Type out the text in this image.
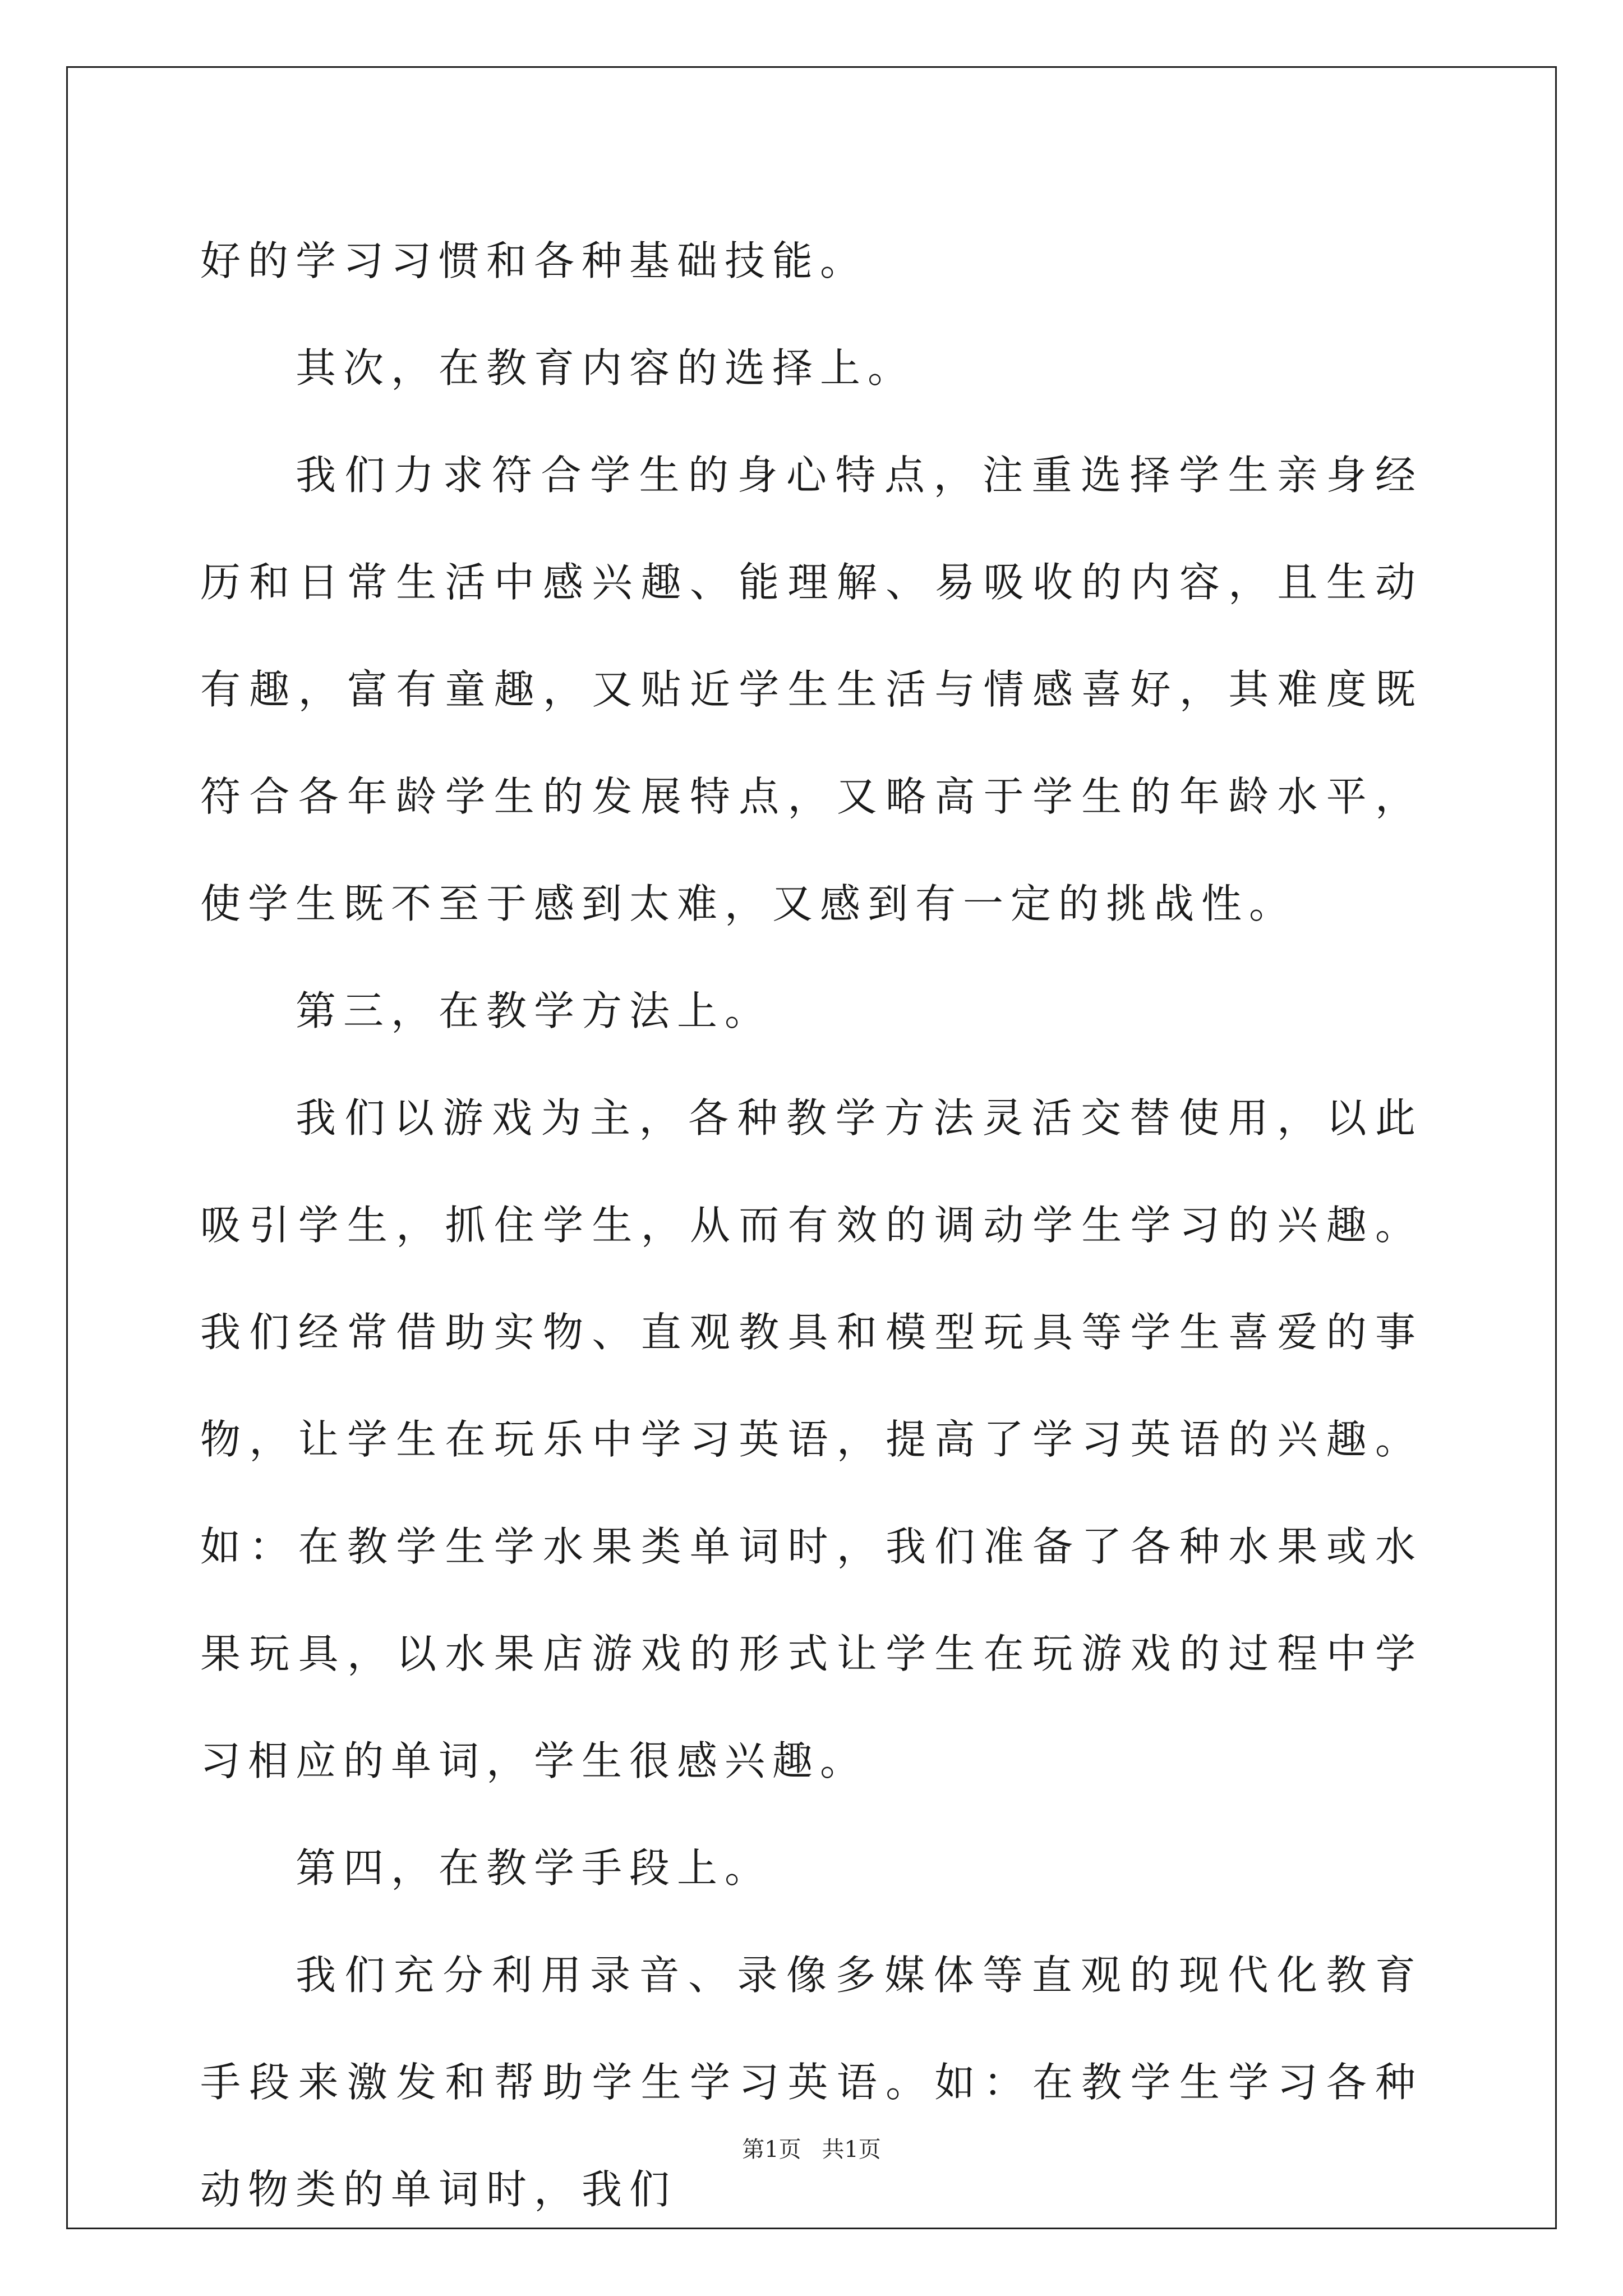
好的学习习惯和各种基础技能。

其次，在教育内容的选择上。

我们力求符合学生的身心特点，注重选择学生亲身经历和日常生活中感兴趣、能理解、易吸收的内容，且生动有趣，富有童趣，又贴近学生生活与情感喜好，其难度既符合各年龄学生的发展特点，又略高于学生的年龄水平，使学生既不至于感到太难，又感到有一定的挑战性。

第三，在教学方法上。

我们以游戏为主，各种教学方法灵活交替使用，以此吸引学生，抓住学生，从而有效的调动学生学习的兴趣。我们经常借助实物、直观教具和模型玩具等学生喜爱的事物，让学生在玩乐中学习英语，提高了学习英语的兴趣。如：在教学生学水果类单词时，我们准备了各种水果或水果玩具，以水果店游戏的形式让学生在玩游戏的过程中学习相应的单词，学生很感兴趣。

第四，在教学手段上。

我们充分利用录音、录像多媒体等直观的现代化教育手段来激发和帮助学生学习英语。如：在教学生学习各种动物类的单词时，我们

第1页 共1页
